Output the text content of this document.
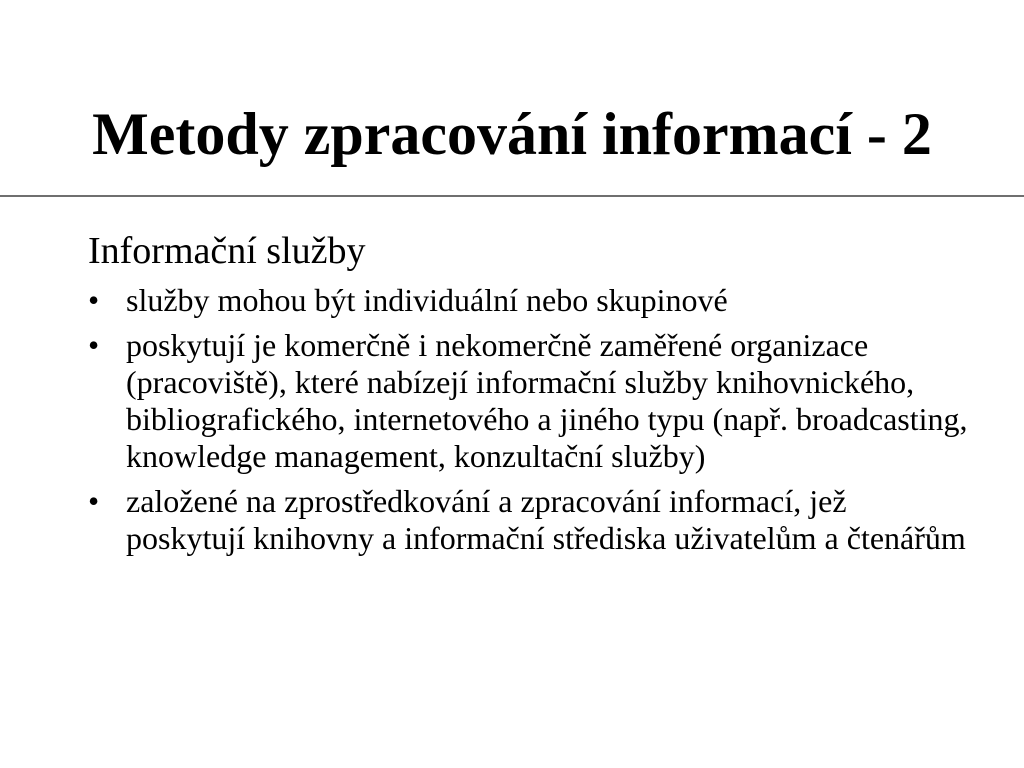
Metody zpracování informací - 2

Informační služby

• služby mohou být individuální nebo skupinové
• poskytují je komerčně i nekomerčně zaměřené organizace (pracoviště), které nabízejí informační služby knihovnického, bibliografického, internetového a jiného typu (např. broadcasting, knowledge management, konzultační služby)
• založené na zprostředkování a zpracování informací, jež poskytují knihovny a informační střediska uživatelům a čtenářům
